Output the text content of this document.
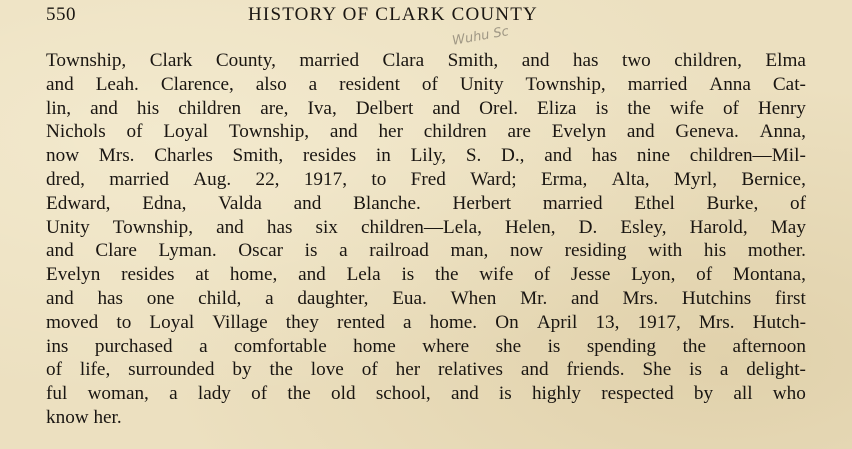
550	HISTORY OF CLARK COUNTY
Wuhu Sc
Township, Clark County, married Clara Smith, and has two children, Elma
and Leah. Clarence, also a resident of Unity Township, married Anna Cat-
lin, and his children are, Iva, Delbert and Orel. Eliza is the wife of Henry
Nichols of Loyal Township, and her children are Evelyn and Geneva. Anna,
now Mrs. Charles Smith, resides in Lily, S. D., and has nine children—Mil-
dred, married Aug. 22, 1917, to Fred Ward; Erma, Alta, Myrl, Bernice,
Edward, Edna, Valda and Blanche. Herbert married Ethel Burke, of
Unity Township, and has six children—Lela, Helen, D. Esley, Harold, May
and Clare Lyman. Oscar is a railroad man, now residing with his mother.
Evelyn resides at home, and Lela is the wife of Jesse Lyon, of Montana,
and has one child, a daughter, Eua. When Mr. and Mrs. Hutchins first
moved to Loyal Village they rented a home. On April 13, 1917, Mrs. Hutch-
ins purchased a comfortable home where she is spending the afternoon
of life, surrounded by the love of her relatives and friends. She is a delight-
ful woman, a lady of the old school, and is highly respected by all who
know
her.
